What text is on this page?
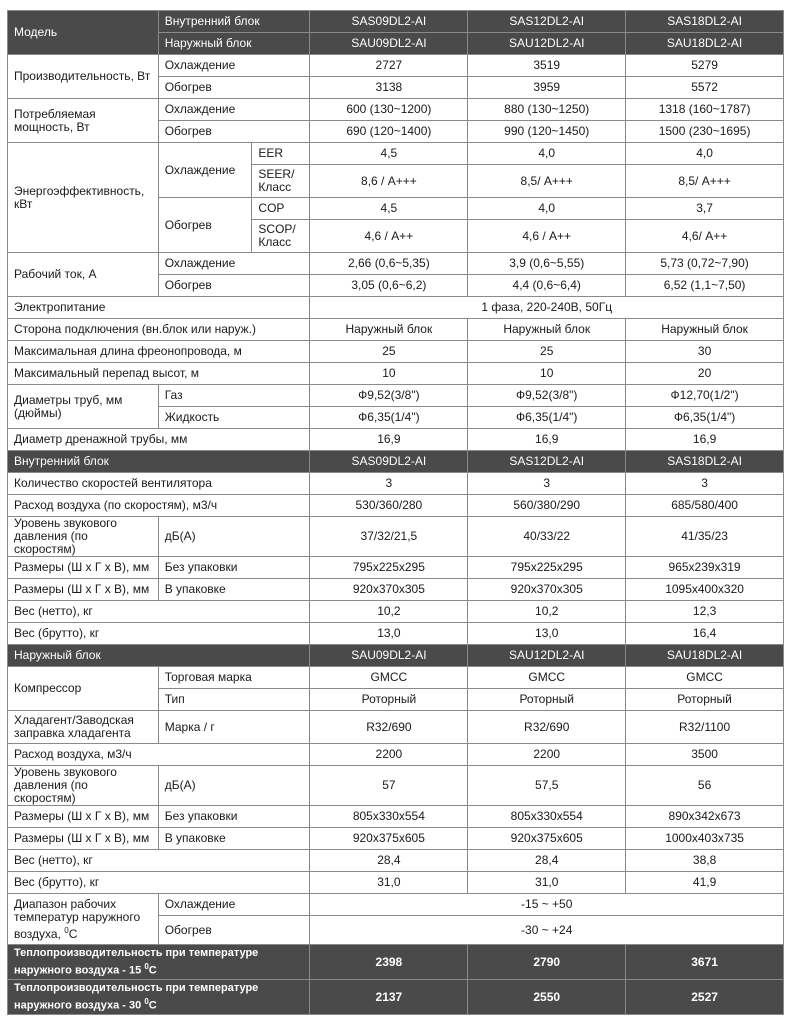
Модель	Внутренний блок		SAS09DL2-AI	SAS12DL2-AI	SAS18DL2-AI
	Наружный блок		SAU09DL2-AI	SAU12DL2-AI	SAU18DL2-AI
Производительность, Вт	Охлаждение		2727	3519	5279
	Обогрев		3138	3959	5572
Потребляемая мощность, Вт	Охлаждение		600 (130~1200)	880 (130~1250)	1318 (160~1787)
	Обогрев		690 (120~1400)	990 (120~1450)	1500 (230~1695)
Энергоэффективность, кВт	Охлаждение	EER	4,5	4,0	4,0
		SEER/ Класс	8,6 / А+++	8,5/ А+++	8,5/ А+++
	Обогрев	COP	4,5	4,0	3,7
		SCOP/ Класс	4,6 / А++	4,6 / А++	4,6/ А++
Рабочий ток, А	Охлаждение		2,66 (0,6~5,35)	3,9 (0,6~5,55)	5,73 (0,72~7,90)
	Обогрев		3,05 (0,6~6,2)	4,4 (0,6~6,4)	6,52 (1,1~7,50)
Электропитание			1 фаза, 220-240В, 50Гц		
Сторона подключения (вн.блок или наруж.)			Наружный блок	Наружный блок	Наружный блок
Максимальная длина фреонопровода, м			25	25	30
Максимальный перепад высот, м			10	10	20
Диаметры труб, мм (дюймы)	Газ		Ф9,52(3/8")	Ф9,52(3/8")	Ф12,70(1/2")
	Жидкость		Ф6,35(1/4")	Ф6,35(1/4")	Ф6,35(1/4")
Диаметр дренажной трубы, мм			16,9	16,9	16,9
Внутренний блок			SAS09DL2-AI	SAS12DL2-AI	SAS18DL2-AI
Количество скоростей вентилятора			3	3	3
Расход воздуха (по скоростям), м3/ч			530/360/280	560/380/290	685/580/400
Уровень звукового давления (по скоростям)	дБ(А)		37/32/21,5	40/33/22	41/35/23
Размеры (Ш х Г х В), мм	Без упаковки		795x225x295	795x225x295	965x239x319
Размеры (Ш х Г х В), мм	В упаковке		920x370x305	920x370x305	1095x400x320
Вес (нетто), кг			10,2	10,2	12,3
Вес (брутто), кг			13,0	13,0	16,4
Наружный блок			SAU09DL2-AI	SAU12DL2-AI	SAU18DL2-AI
Компрессор	Торговая марка		GMCC	GMCC	GMCC
	Тип		Роторный	Роторный	Роторный
Хладагент/Заводская заправка хладагента	Марка / г		R32/690	R32/690	R32/1100
Расход воздуха, м3/ч			2200	2200	3500
Уровень звукового давления (по скоростям)	дБ(А)		57	57,5	56
Размеры (Ш х Г х В), мм	Без упаковки		805x330x554	805x330x554	890x342x673
Размеры (Ш х Г х В), мм	В упаковке		920x375x605	920x375x605	1000x403x735
Вес (нетто), кг			28,4	28,4	38,8
Вес (брутто), кг			31,0	31,0	41,9
Диапазон рабочих температур наружного воздуха, $^0$C	Охлаждение		-15 ~ +50		
	Обогрев		-30 ~ +24		
Теплопроизводительность при температуре наружного воздуха - 15 $^0$C			2398	2790	3671
Теплопроизводительность при температуре наружного воздуха - 30 $^0$C			2137	2550	2527
